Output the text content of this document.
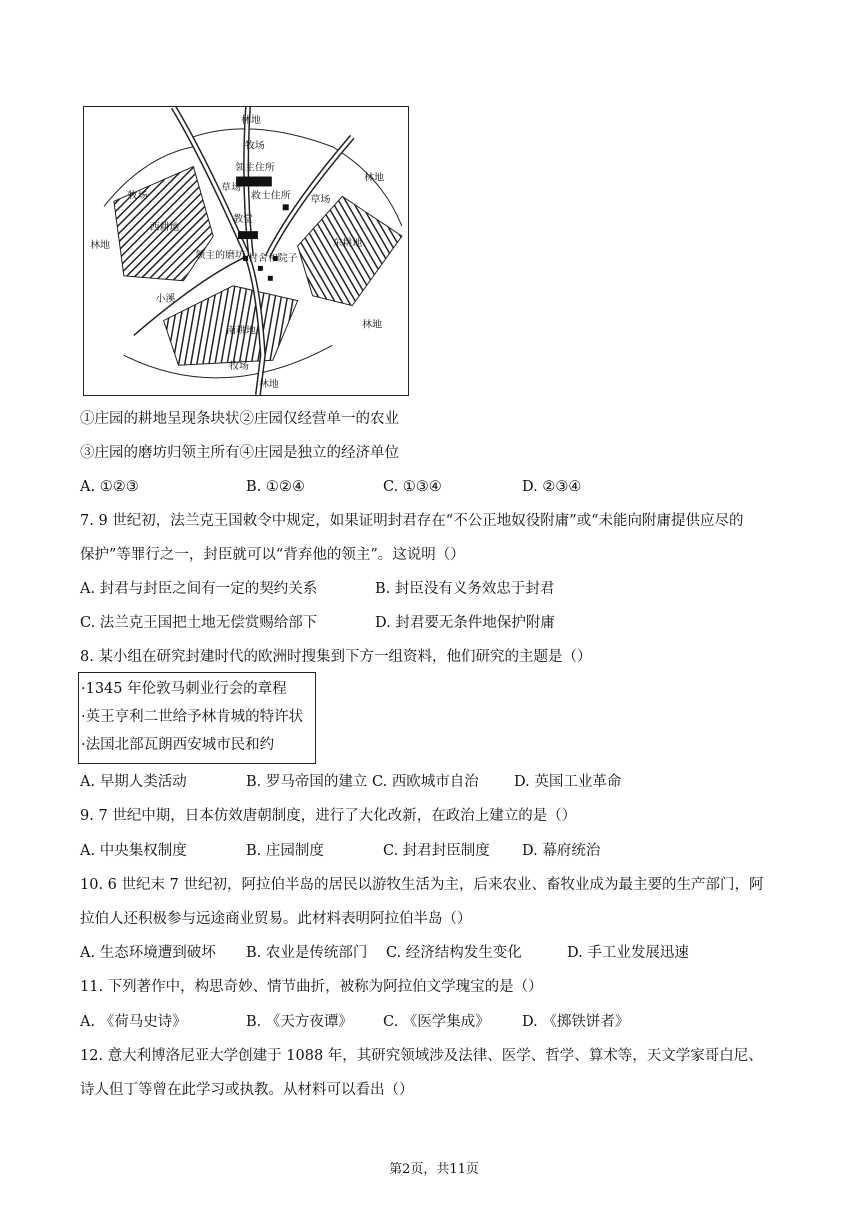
林地
牧场
领主住所
救士住所
教堂
草场
草场
牧场
西耕地
林地
林地
东耕地
领主的磨坊 村舍和院子
小溪
南耕地
林地
牧场
林地
①庄园的耕地呈现条块状②庄园仅经营单一的农业
③庄园的磨坊归领主所有④庄园是独立的经济单位
A. ①②③	B. ①②④	C. ①③④	D. ②③④
7. 9 世纪初，法兰克王国敕令中规定，如果证明封君存在“不公正地奴役附庸”或“未能向附庸提供应尽的
保护”等罪行之一，封臣就可以“背弃他的领主”。这说明（）
A. 封君与封臣之间有一定的契约关系	B. 封臣没有义务效忠于封君
C. 法兰克王国把土地无偿赏赐给部下	D. 封君要无条件地保护附庸
8. 某小组在研究封建时代的欧洲时搜集到下方一组资料，他们研究的主题是（）
·1345 年伦敦马刺业行会的章程
·英王亨利二世给予林肯城的特许状
·法国北部瓦朗西安城市民和约
A. 早期人类活动	B. 罗马帝国的建立 C. 西欧城市自治 D. 英国工业革命
9. 7 世纪中期，日本仿效唐朝制度，进行了大化改新，在政治上建立的是（）
A. 中央集权制度	B. 庄园制度	C. 封君封臣制度 D. 幕府统治
10. 6 世纪末 7 世纪初，阿拉伯半岛的居民以游牧生活为主，后来农业、畜牧业成为最主要的生产部门，阿
拉伯人还积极参与远途商业贸易。此材料表明阿拉伯半岛（）
A. 生态环境遭到破坏 B. 农业是传统部门 C. 经济结构发生变化	D. 手工业发展迅速
11. 下列著作中，构思奇妙、情节曲折，被称为阿拉伯文学瑰宝的是（）
A. 《荷马史诗》	B. 《天方夜谭》 C. 《医学集成》 D. 《掷铁饼者》
12. 意大利博洛尼亚大学创建于 1088 年，其研究领域涉及法律、医学、哲学、算术等，天文学家哥白尼、
诗人但丁等曾在此学习或执教。从材料可以看出（）
第2页，共11页
